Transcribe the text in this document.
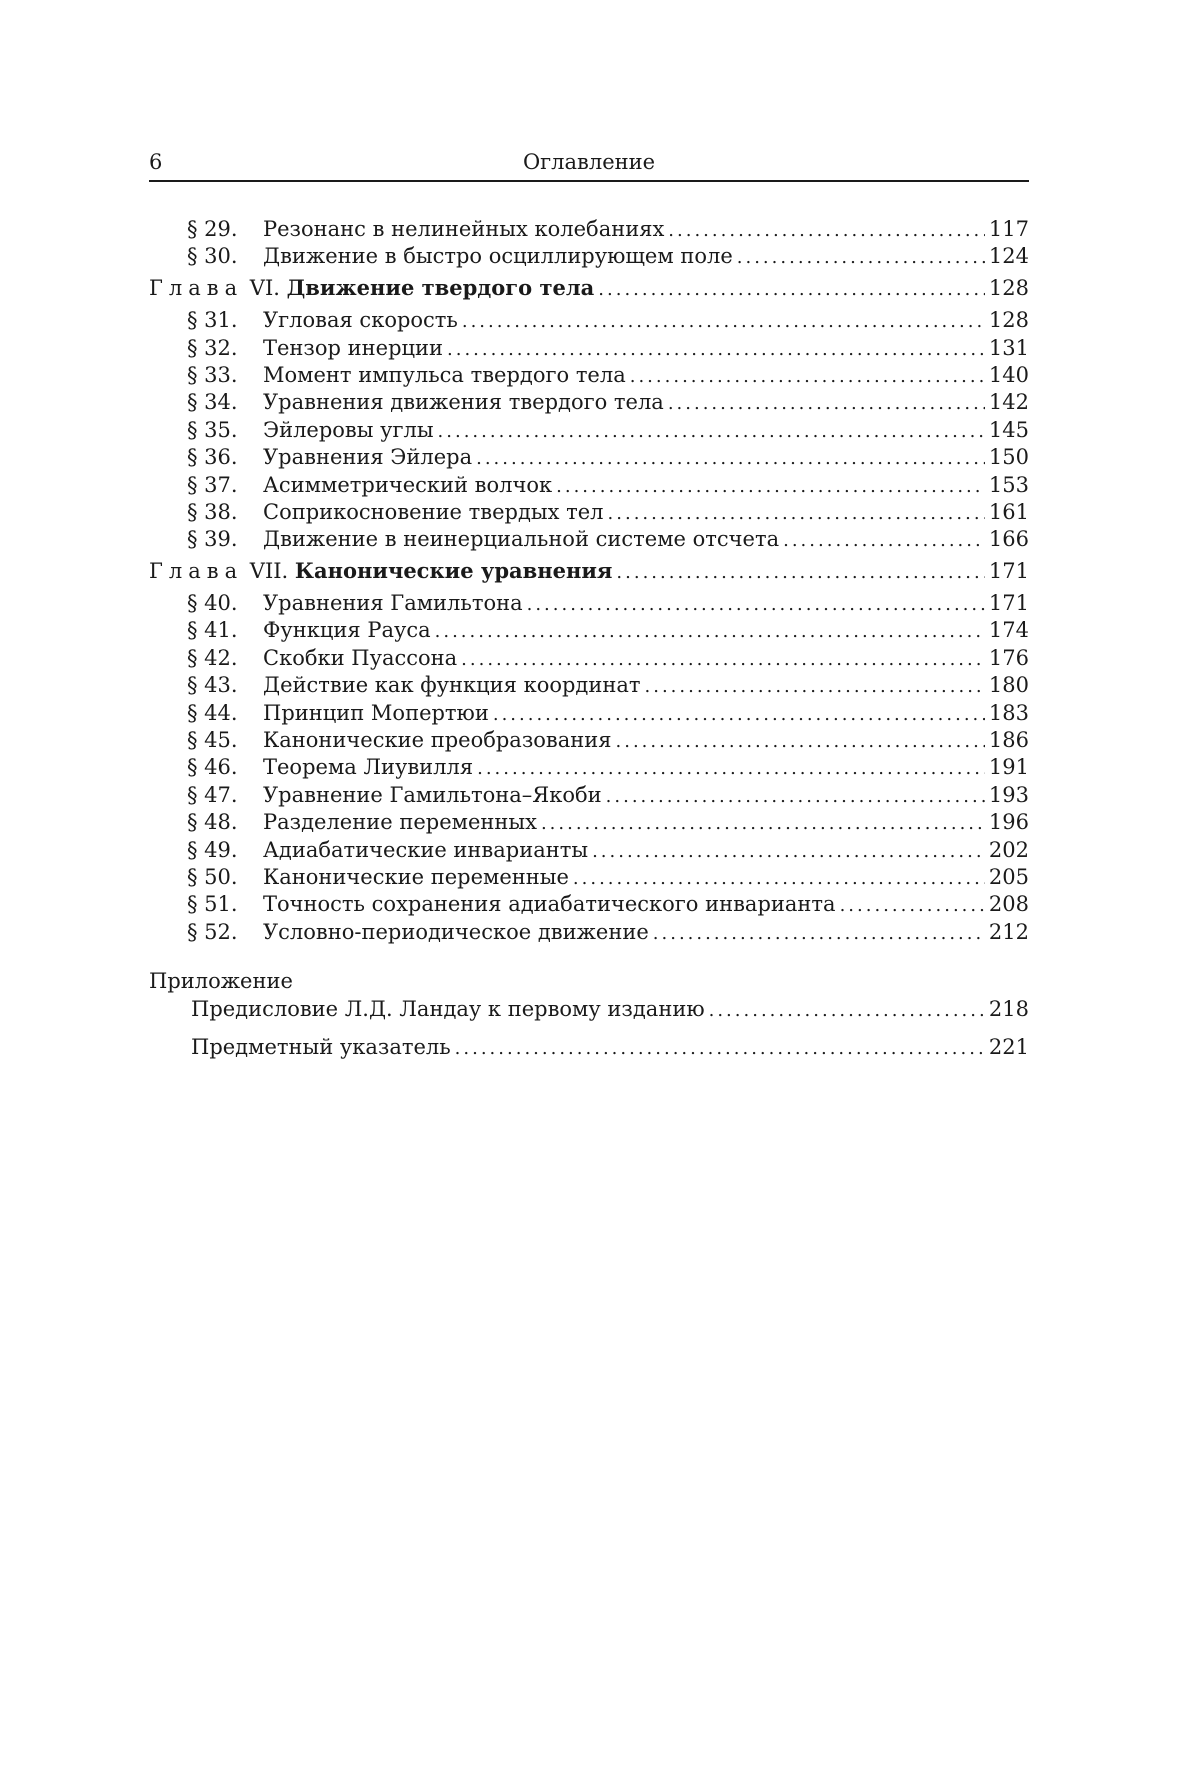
6	Оглавление
§ 29.	Резонанс в нелинейных колебаниях .....	117
§ 30.	Движение в быстро осциллирующем поле .....	124
Глава VI. Движение твердого тела .....	128
§ 31.	Угловая скорость .....	128
§ 32.	Тензор инерции .....	131
§ 33.	Момент импульса твердого тела .....	140
§ 34.	Уравнения движения твердого тела .....	142
§ 35.	Эйлеровы углы .....	145
§ 36.	Уравнения Эйлера .....	150
§ 37.	Асимметрический волчок .....	153
§ 38.	Соприкосновение твердых тел .....	161
§ 39.	Движение в неинерциальной системе отсчета .....	166
Глава VII. Канонические уравнения .....	171
§ 40.	Уравнения Гамильтона .....	171
§ 41.	Функция Рауса .....	174
§ 42.	Скобки Пуассона .....	176
§ 43.	Действие как функция координат .....	180
§ 44.	Принцип Мопертюи .....	183
§ 45.	Канонические преобразования .....	186
§ 46.	Теорема Лиувилля .....	191
§ 47.	Уравнение Гамильтона–Якоби .....	193
§ 48.	Разделение переменных .....	196
§ 49.	Адиабатические инварианты .....	202
§ 50.	Канонические переменные .....	205
§ 51.	Точность сохранения адиабатического инварианта .....	208
§ 52.	Условно-периодическое движение .....	212
Приложение
Предисловие Л.Д. Ландау к первому изданию .....	218
Предметный указатель .....	221
